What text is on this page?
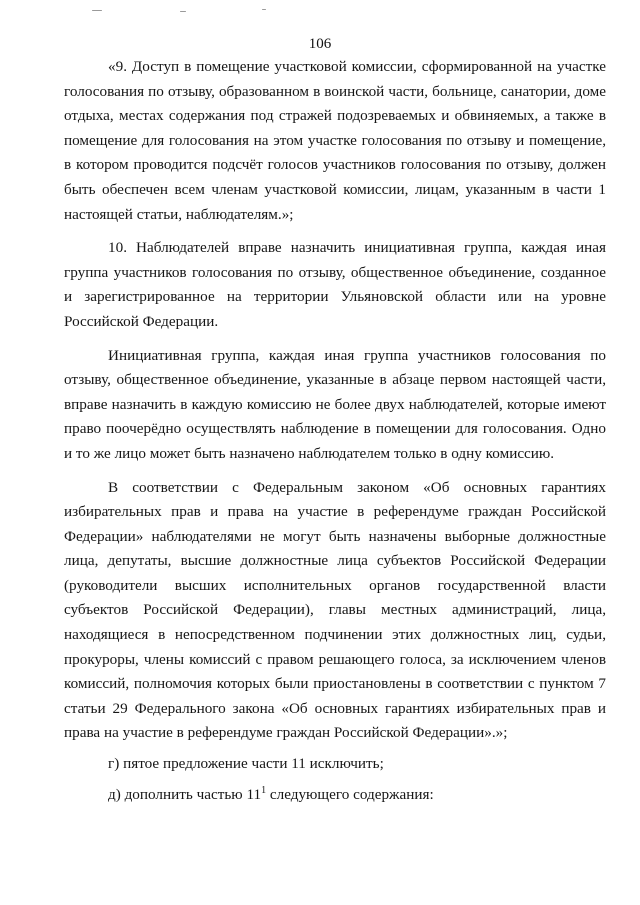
106

«9. Доступ в помещение участковой комиссии, сформированной на участке голосования по отзыву, образованном в воинской части, больнице, санатории, доме отдыха, местах содержания под стражей подозреваемых и обвиняемых, а также в помещение для голосования на этом участке голосования по отзыву и помещение, в котором проводится подсчёт голосов участников голосования по отзыву, должен быть обеспечен всем членам участковой комиссии, лицам, указанным в части 1 настоящей статьи, наблюдателям.»;

10. Наблюдателей вправе назначить инициативная группа, каждая иная группа участников голосования по отзыву, общественное объединение, созданное и зарегистрированное на территории Ульяновской области или на уровне Российской Федерации.

Инициативная группа, каждая иная группа участников голосования по отзыву, общественное объединение, указанные в абзаце первом настоящей части, вправе назначить в каждую комиссию не более двух наблюдателей, которые имеют право поочерёдно осуществлять наблюдение в помещении для голосования. Одно и то же лицо может быть назначено наблюдателем только в одну комиссию.

В соответствии с Федеральным законом «Об основных гарантиях избирательных прав и права на участие в референдуме граждан Российской Федерации» наблюдателями не могут быть назначены выборные должностные лица, депутаты, высшие должностные лица субъектов Российской Федерации (руководители высших исполнительных органов государственной власти субъектов Российской Федерации), главы местных администраций, лица, находящиеся в непосредственном подчинении этих должностных лиц, судьи, прокуроры, члены комиссий с правом решающего голоса, за исключением членов комиссий, полномочия которых были приостановлены в соответствии с пунктом 7 статьи 29 Федерального закона «Об основных гарантиях избирательных прав и права на участие в референдуме граждан Российской Федерации».»;

г) пятое предложение части 11 исключить;

д) дополнить частью $11^1$ следующего содержания:
